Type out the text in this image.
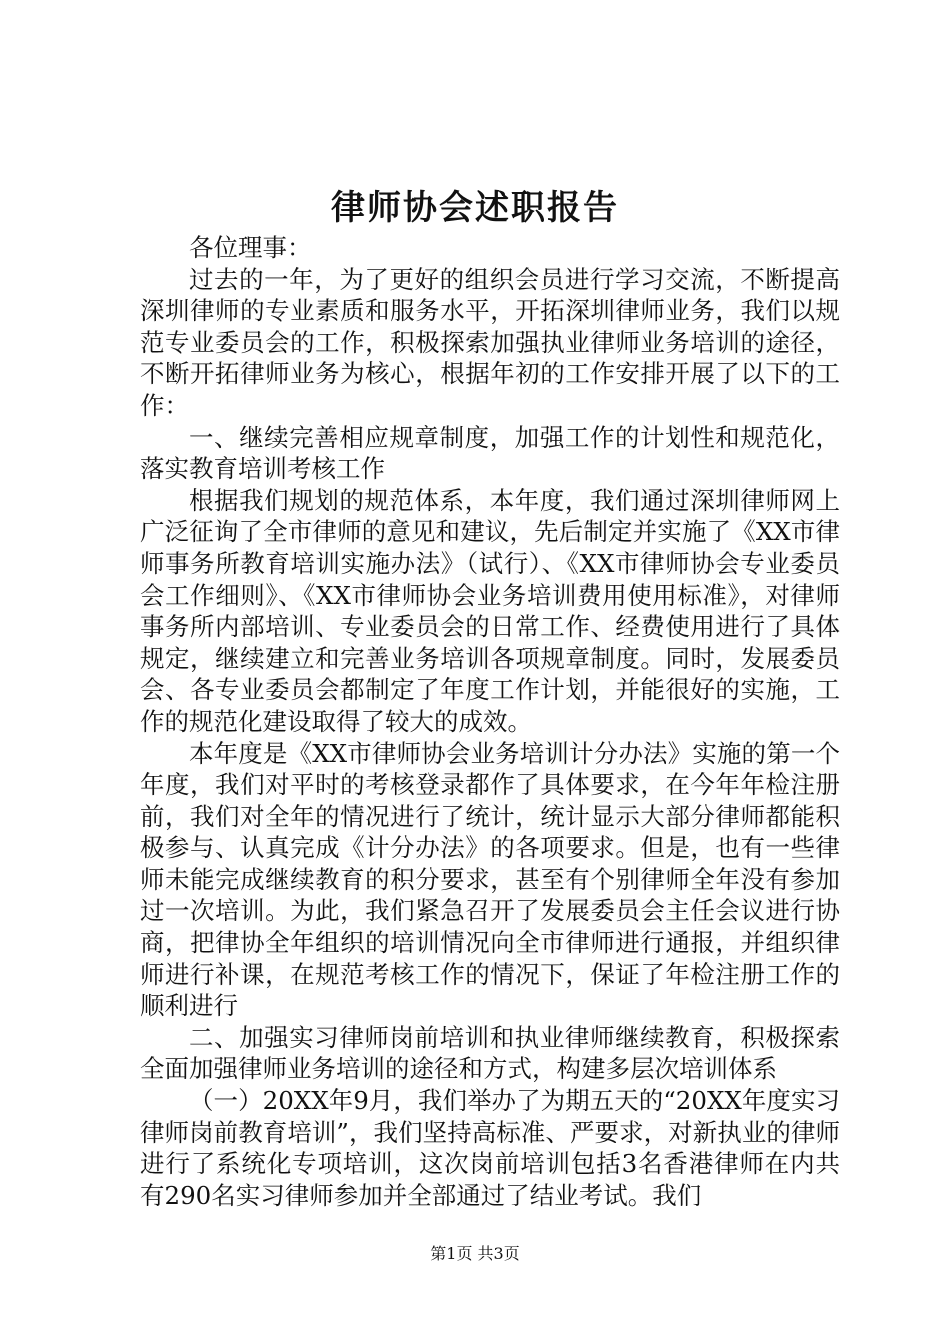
律师协会述职报告

各位理事：

过去的一年，为了更好的组织会员进行学习交流，不断提高深圳律师的专业素质和服务水平，开拓深圳律师业务，我们以规范专业委员会的工作，积极探索加强执业律师业务培训的途径，不断开拓律师业务为核心，根据年初的工作安排开展了以下的工作：

一、继续完善相应规章制度，加强工作的计划性和规范化，落实教育培训考核工作

根据我们规划的规范体系，本年度，我们通过深圳律师网上广泛征询了全市律师的意见和建议，先后制定并实施了《XX市律师事务所教育培训实施办法》（试行）、《XX市律师协会专业委员会工作细则》、《XX市律师协会业务培训费用使用标准》，对律师事务所内部培训、专业委员会的日常工作、经费使用进行了具体规定，继续建立和完善业务培训各项规章制度。同时，发展委员会、各专业委员会都制定了年度工作计划，并能很好的实施，工作的规范化建设取得了较大的成效。

本年度是《XX市律师协会业务培训计分办法》实施的第一个年度，我们对平时的考核登录都作了具体要求，在今年年检注册前，我们对全年的情况进行了统计，统计显示大部分律师都能积极参与、认真完成《计分办法》的各项要求。但是，也有一些律师未能完成继续教育的积分要求，甚至有个别律师全年没有参加过一次培训。为此，我们紧急召开了发展委员会主任会议进行协商，把律协全年组织的培训情况向全市律师进行通报，并组织律师进行补课，在规范考核工作的情况下，保证了年检注册工作的顺利进行

二、加强实习律师岗前培训和执业律师继续教育，积极探索全面加强律师业务培训的途径和方式，构建多层次培训体系

（一）20XX年9月，我们举办了为期五天的“20XX年度实习律师岗前教育培训”，我们坚持高标准、严要求，对新执业的律师进行了系统化专项培训，这次岗前培训包括3名香港律师在内共有290名实习律师参加并全部通过了结业考试。我们

第1页 共3页
